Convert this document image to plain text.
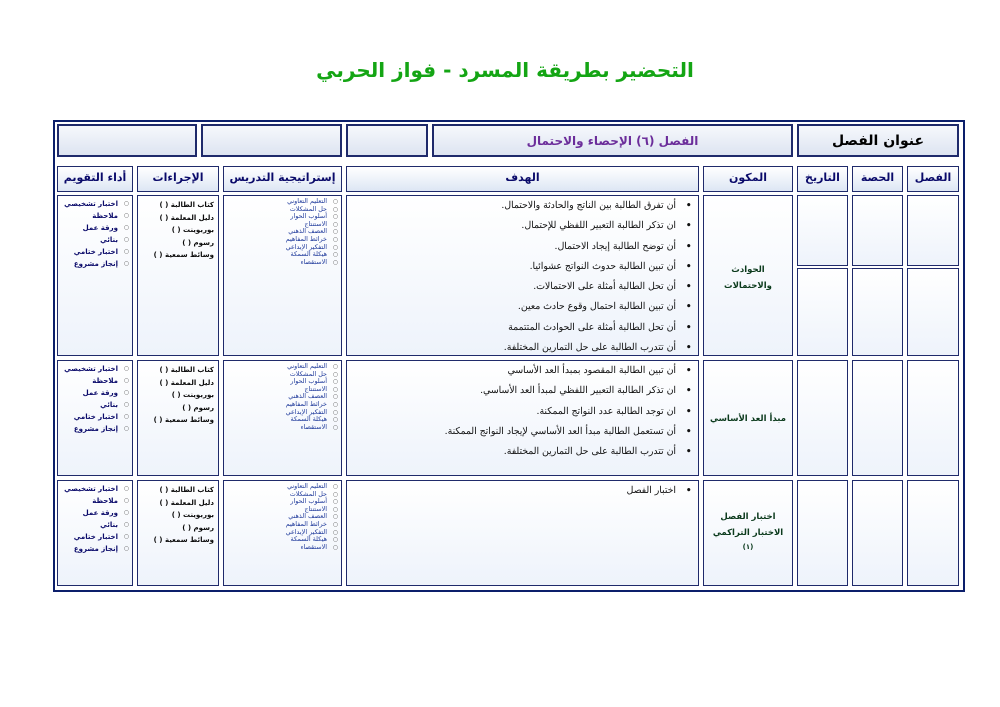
التحضير بطريقة المسرد - فواز الحربي
عنوان الفصل
الفصل (٦) الإحصاء والاحتمال
الفصل
الحصة
التاريخ
المكون
الهدف
إستراتيجية التدريس
الإجراءات
أداء التقويم
الحوادث
والاحتمالات
• أن تفرق الطالبة بين الناتج والحادثة والاحتمال.
• ان تذكر الطالبة التعبير اللفظي للإحتمال.
• أن توضح الطالبة إيجاد الاحتمال.
• أن تبين الطالبة حدوث النواتج عشوائيا.
• أن تحل الطالبة أمثلة على الاحتمالات.
• أن تبين الطالبة احتمال وقوع حادث معين.
• أن تحل الطالبة أمثلة على الحوادث المتتممة
• أن تتدرب الطالبة على حل التمارين المختلفة.
○ التعليم التعاوني
○ حل المشكلات
○ أسلوب الحوار
○ الاستنتاج
○ العصف الذهني
○ خرائط المفاهيم
○ التفكير الإبداعي
○ هيكلة السمكة
○ الاستقصاء
كتاب الطالبة ( )
دليل المعلمة ( )
بوربوينت ( )
رسوم ( )
وسائط سمعية ( )
○ اختبار تشخيصي
○ ملاحظة
○ ورقة عمل
○ بنائي
○ اختبار ختامي
○ إنجاز مشروع
مبدأ العد الأساسي
• أن تبين الطالبة المقصود بمبدأ العد الأساسي
• ان تذكر الطالبة التعبير اللفظي لمبدأ العد الأساسي.
• ان توجد الطالبة عدد النواتج الممكنة.
• أن تستعمل الطالبة مبدأ العد الأساسي لإيجاد النواتج الممكنة.
• أن تتدرب الطالبة على حل التمارين المختلفة.
○ التعليم التعاوني
○ حل المشكلات
○ أسلوب الحوار
○ الاستنتاج
○ العصف الذهني
○ خرائط المفاهيم
○ التفكير الإبداعي
○ هيكلة السمكة
○ الاستقصاء
كتاب الطالبة ( )
دليل المعلمة ( )
بوربوينت ( )
رسوم ( )
وسائط سمعية ( )
○ اختبار تشخيصي
○ ملاحظة
○ ورقة عمل
○ بنائي
○ اختبار ختامي
○ إنجاز مشروع
اختبار الفصل
الاختبار التراكمي
(١)
• اختبار الفصل
○ التعليم التعاوني
○ حل المشكلات
○ أسلوب الحوار
○ الاستنتاج
○ العصف الذهني
○ خرائط المفاهيم
○ التفكير الإبداعي
○ هيكلة السمكة
○ الاستقصاء
كتاب الطالبة ( )
دليل المعلمة ( )
بوربوينت ( )
رسوم ( )
وسائط سمعية ( )
○ اختبار تشخيصي
○ ملاحظة
○ ورقة عمل
○ بنائي
○ اختبار ختامي
○ إنجاز مشروع
